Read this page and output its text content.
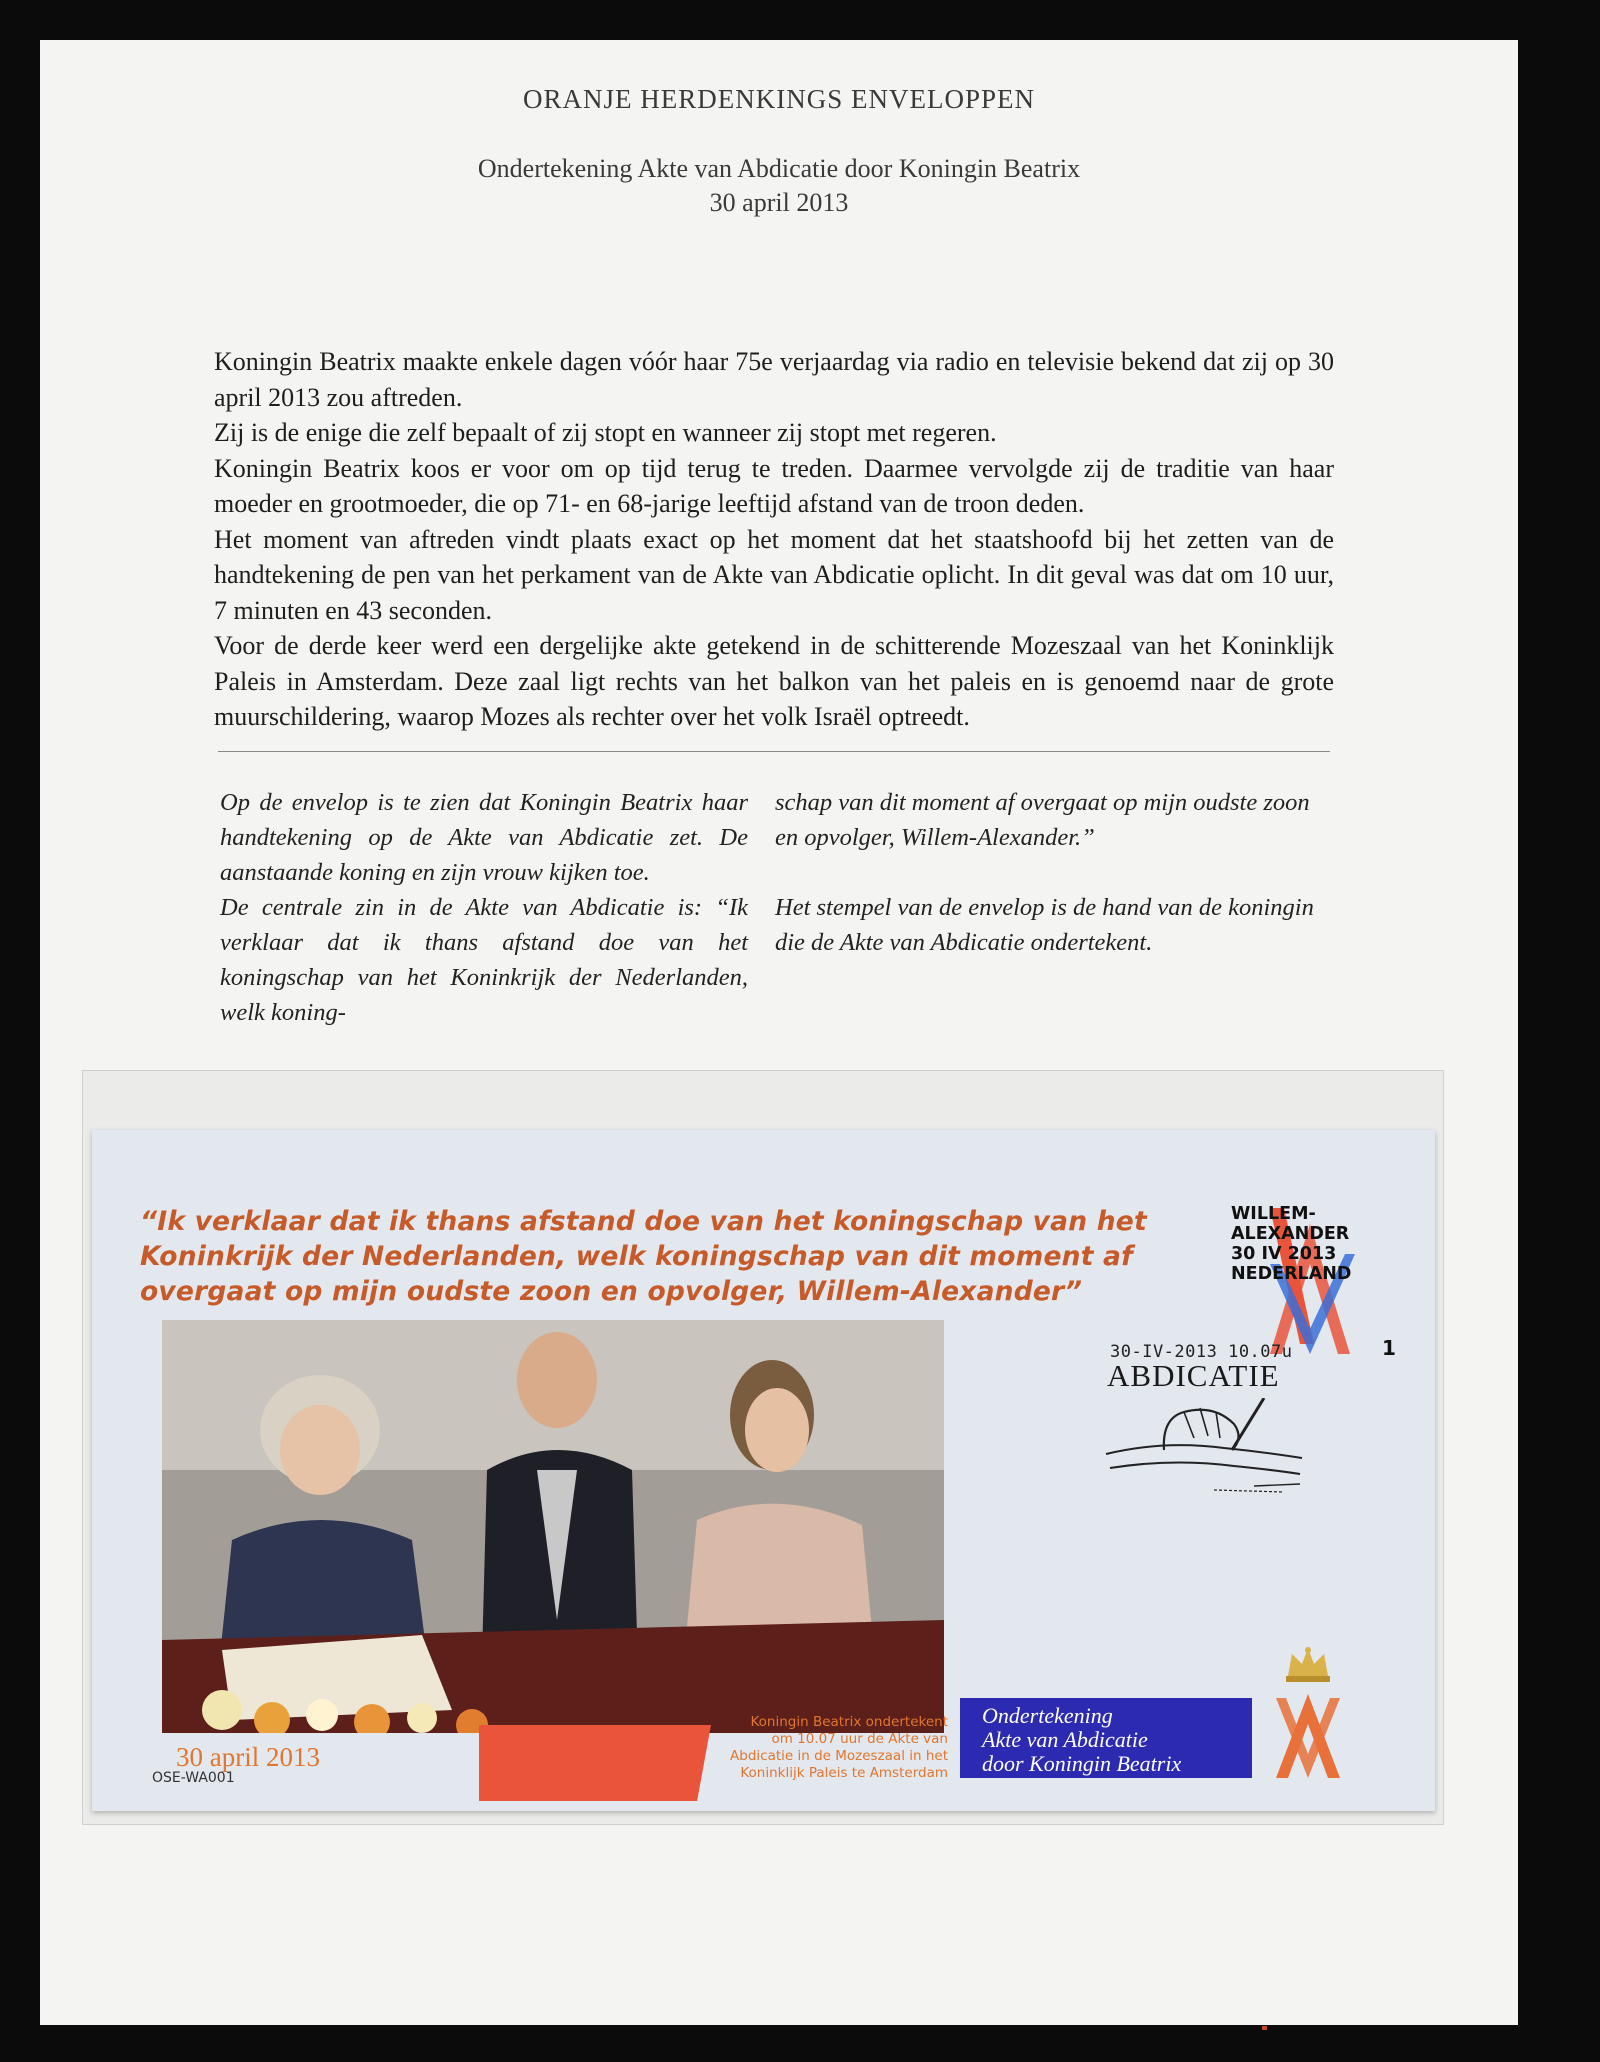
ORANJE HERDENKINGS ENVELOPPEN
Ondertekening Akte van Abdicatie door Koningin Beatrix
30 april 2013

Koningin Beatrix maakte enkele dagen vóór haar 75e verjaardag via radio en televisie bekend dat zij op 30 april 2013 zou aftreden.

Zij is de enige die zelf bepaalt of zij stopt en wanneer zij stopt met regeren.

Koningin Beatrix koos er voor om op tijd terug te treden. Daarmee vervolgde zij de traditie van haar moeder en grootmoeder, die op 71- en 68-jarige leeftijd afstand van de troon deden.

Het moment van aftreden vindt plaats exact op het moment dat het staatshoofd bij het zetten van de handtekening de pen van het perkament van de Akte van Abdicatie oplicht. In dit geval was dat om 10 uur, 7 minuten en 43 seconden.

Voor de derde keer werd een dergelijke akte getekend in de schitterende Mozeszaal van het Koninklijk Paleis in Amsterdam. Deze zaal ligt rechts van het balkon van het paleis en is genoemd naar de grote muurschildering, waarop Mozes als rechter over het volk Israël optreedt.

Op de envelop is te zien dat Koningin Beatrix haar handtekening op de Akte van Abdicatie zet. De aanstaande koning en zijn vrouw kijken toe.

De centrale zin in de Akte van Abdicatie is: “Ik verklaar dat ik thans afstand doe van het koningschap van het Koninkrijk der Nederlanden, welk koning-

schap van dit moment af overgaat op mijn oudste zoon en opvolger, Willem-Alexander.”

Het stempel van de envelop is de hand van de koningin die de Akte van Abdicatie ondertekent.

“Ik verklaar dat ik thans afstand doe van het koningschap van het
Koninkrijk der Nederlanden, welk koningschap van dit moment af
overgaat op mijn oudste zoon en opvolger, Willem-Alexander”
30 april 2013
Koningin Beatrix ondertekent
om 10.07 uur de Akte van
Abdicatie in de Mozeszaal in het
Koninklijk Paleis te Amsterdam
Ondertekening
Akte van Abdicatie
door Koningin Beatrix
OSE-WA001
WILLEM-
ALEXANDER
30 IV 2013
NEDERLAND
1
30-IV-2013 10.07u
ABDICATIE
